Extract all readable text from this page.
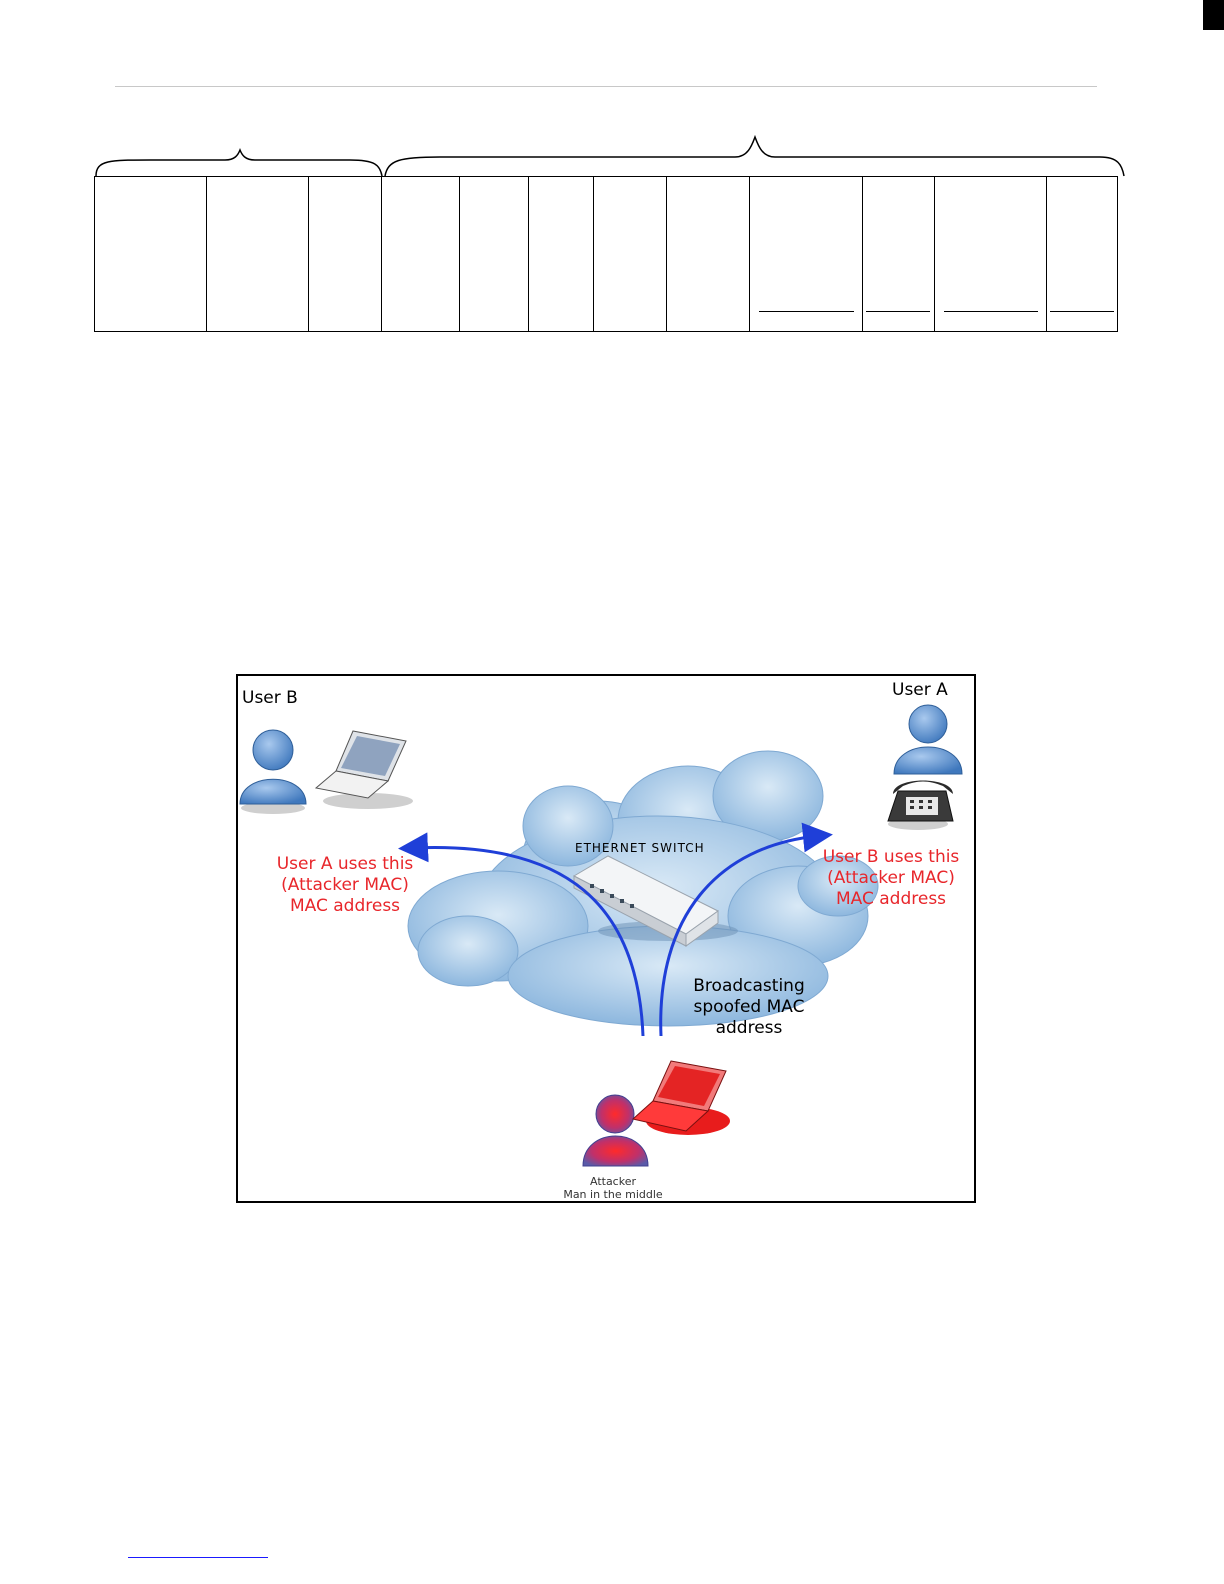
User B	User A
ETHERNET SWITCH
User A uses this
(Attacker MAC)
MAC address
User B uses this
(Attacker MAC)
MAC address
Broadcasting
spoofed MAC
address
Attacker
Man in the middle
